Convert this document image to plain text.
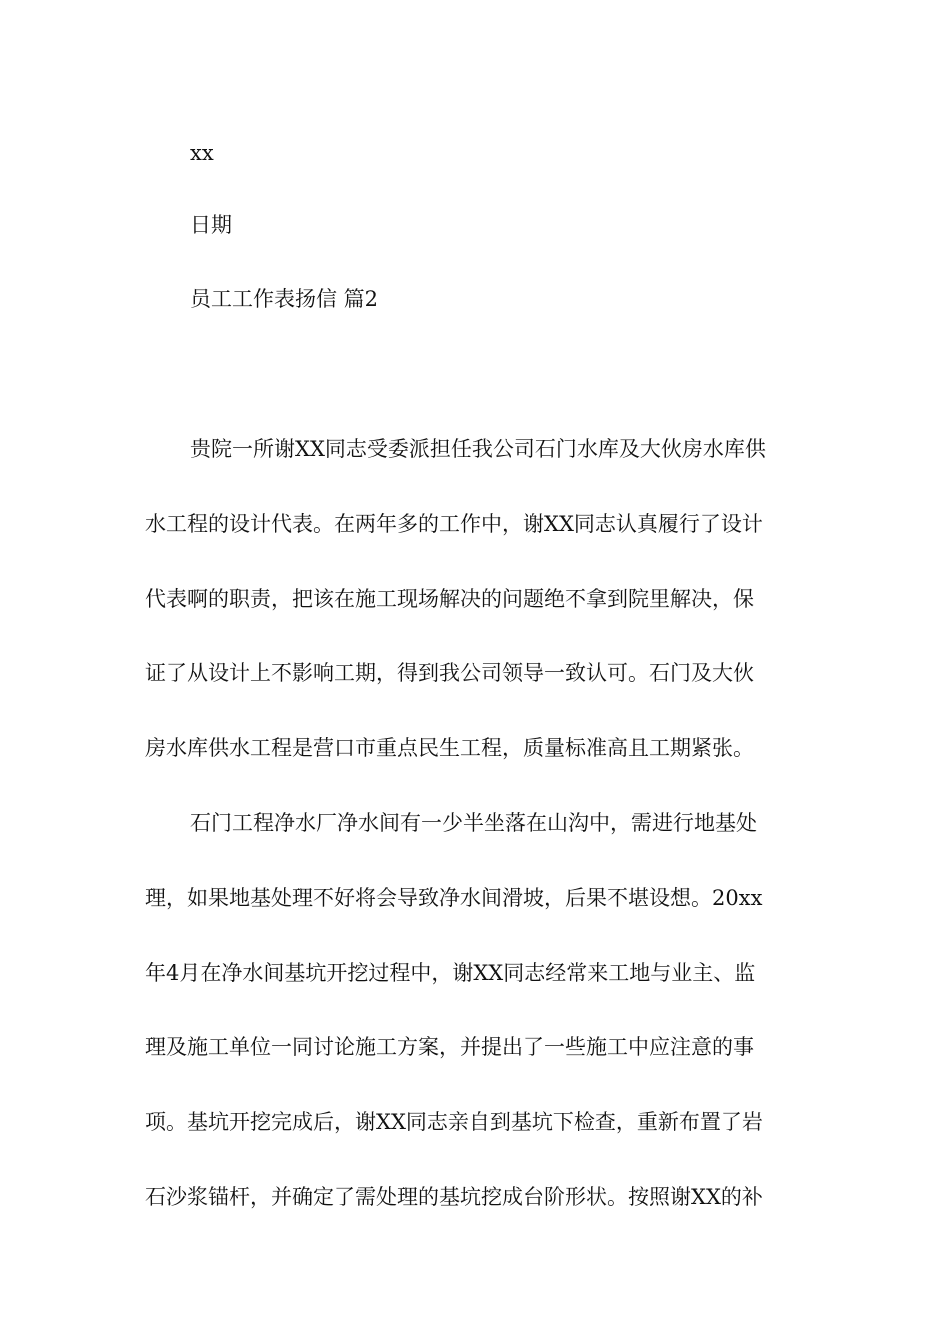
xx
日期
员工工作表扬信 篇2
贵院一所谢XX同志受委派担任我公司石门水库及大伙房水库供
水工程的设计代表。在两年多的工作中，谢XX同志认真履行了设计
代表啊的职责，把该在施工现场解决的问题绝不拿到院里解决，保
证了从设计上不影响工期，得到我公司领导一致认可。石门及大伙
房水库供水工程是营口市重点民生工程，质量标准高且工期紧张。
石门工程净水厂净水间有一少半坐落在山沟中，需进行地基处
理，如果地基处理不好将会导致净水间滑坡，后果不堪设想。20xx
年4月在净水间基坑开挖过程中，谢XX同志经常来工地与业主、监
理及施工单位一同讨论施工方案，并提出了一些施工中应注意的事
项。基坑开挖完成后，谢XX同志亲自到基坑下检查，重新布置了岩
石沙浆锚杆，并确定了需处理的基坑挖成台阶形状。按照谢XX的补
